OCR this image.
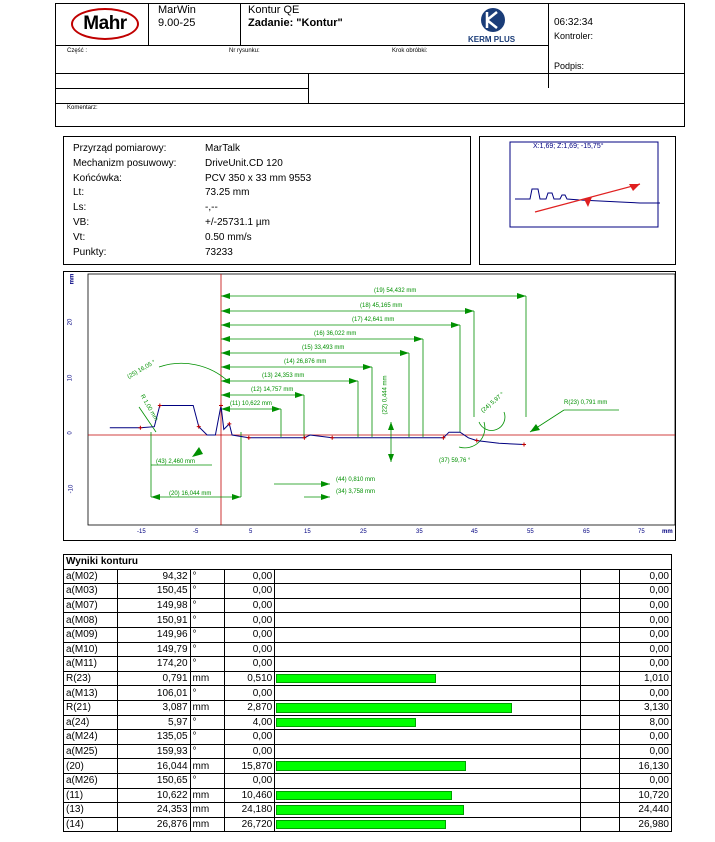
Mahr
MarWin
9.00-25
Kontur QE
Zadanie: "Kontur"
KERM PLUS
06:32:34
Kontroler:
Podpis:
Część :	Nr rysunku:	Krok obróbki:
Komentarz:
Przyrząd pomiarowy:	MarTalk
Mechanizm posuwowy:	DriveUnit.CD 120
Końcówka:	PCV 350 x 33 mm 9553
Lt:	73.25 mm
Ls:	-,--
VB:	+/-25731.1 µm
Vt:	0.50 mm/s
Punkty:	73233
X:1,69; Z:1,69; -15,75°
(19) 54,432 mm
(18) 45,165 mm
(17) 42,641 mm
(16) 36,022 mm
(15) 33,493 mm
(14) 26,876 mm
(13) 24,353 mm
(12) 14,757 mm
(11) 10,622 mm
(43) 2,460 mm
(20) 16,044 mm
(44) 0,810 mm
(34) 3,758 mm
(25) 16,05 °
(22) 0,444 mm	(24) 5,97 °	R(23) 0,791 mm
(37) 59,76 °
R 1,00 mm
-15	-5	5	15	25	35	45	55	65	75	mm
mm
20
10
0
-10
Wyniki konturu						
a(M02)	94,32	°	0,00			0,00
a(M03)	150,45	°	0,00			0,00
a(M07)	149,98	°	0,00			0,00
a(M08)	150,91	°	0,00			0,00
a(M09)	149,96	°	0,00			0,00
a(M10)	149,79	°	0,00			0,00
a(M11)	174,20	°	0,00			0,00
R(23)	0,791	mm	0,510			1,010
a(M13)	106,01	°	0,00			0,00
R(21)	3,087	mm	2,870			3,130
a(24)	5,97	°	4,00			8,00
a(M24)	135,05	°	0,00			0,00
a(M25)	159,93	°	0,00			0,00
(20)	16,044	mm	15,870			16,130
a(M26)	150,65	°	0,00			0,00
(11)	10,622	mm	10,460			10,720
(13)	24,353	mm	24,180			24,440
(14)	26,876	mm	26,720			26,980
